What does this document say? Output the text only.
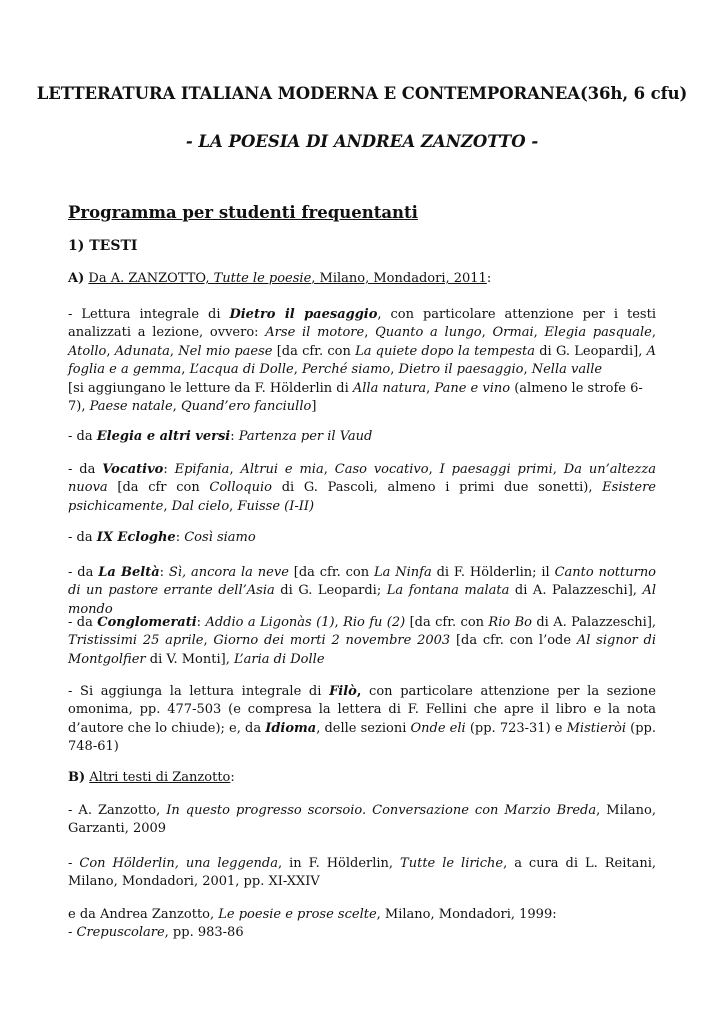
LETTERATURA ITALIANA MODERNA E CONTEMPORANEA(36h, 6 cfu)
- LA POESIA DI ANDREA ZANZOTTO -
Programma per studenti frequentanti
1) TESTI
A) Da A. ZANZOTTO, Tutte le poesie, Milano, Mondadori, 2011:

- Lettura integrale di Dietro il paesaggio, con particolare attenzione per i testi analizzati a lezione, ovvero: Arse il motore, Quanto a lungo, Ormai, Elegia pasquale, Atollo, Adunata, Nel mio paese [da cfr. con La quiete dopo la tempesta di G. Leopardi], A foglia e a gemma, L’acqua di Dolle, Perché siamo, Dietro il paesaggio, Nella valle

[si aggiungano le letture da F. Hölderlin di Alla natura, Pane e vino (almeno le strofe 6-7), Paese natale, Quand’ero fanciullo]

- da Elegia e altri versi: Partenza per il Vaud
- da Vocativo: Epifania, Altrui e mia, Caso vocativo, I paesaggi primi, Da un’altezza nuova [da cfr con Colloquio di G. Pascoli, almeno i primi due sonetti), Esistere psichicamente, Dal cielo, Fuisse (I-II)
- da IX Ecloghe: Così siamo
- da La Beltà: Sì, ancora la neve [da cfr. con La Ninfa di F. Hölderlin; il Canto notturno di un pastore errante dell’Asia di G. Leopardi; La fontana malata di A. Palazzeschi], Al mondo
- da Conglomerati: Addio a Ligonàs (1), Rio fu (2) [da cfr. con Rio Bo di A. Palazzeschi], Tristissimi 25 aprile, Giorno dei morti 2 novembre 2003 [da cfr. con l’ode Al signor di Montgolfier di V. Monti], L’aria di Dolle
- Si aggiunga la lettura integrale di Filò, con particolare attenzione per la sezione omonima, pp. 477-503 (e compresa la lettera di F. Fellini che apre il libro e la nota d’autore che lo chiude); e, da Idioma, delle sezioni Onde eli (pp. 723-31) e Mistieròi (pp. 748-61)
B) Altri testi di Zanzotto:
- A. Zanzotto, In questo progresso scorsoio. Conversazione con Marzio Breda, Milano, Garzanti, 2009
- Con Hölderlin, una leggenda, in F. Hölderlin, Tutte le liriche, a cura di L. Reitani, Milano, Mondadori, 2001, pp. XI-XXIV

e da Andrea Zanzotto, Le poesie e prose scelte, Milano, Mondadori, 1999:

- Crepuscolare, pp. 983-86
